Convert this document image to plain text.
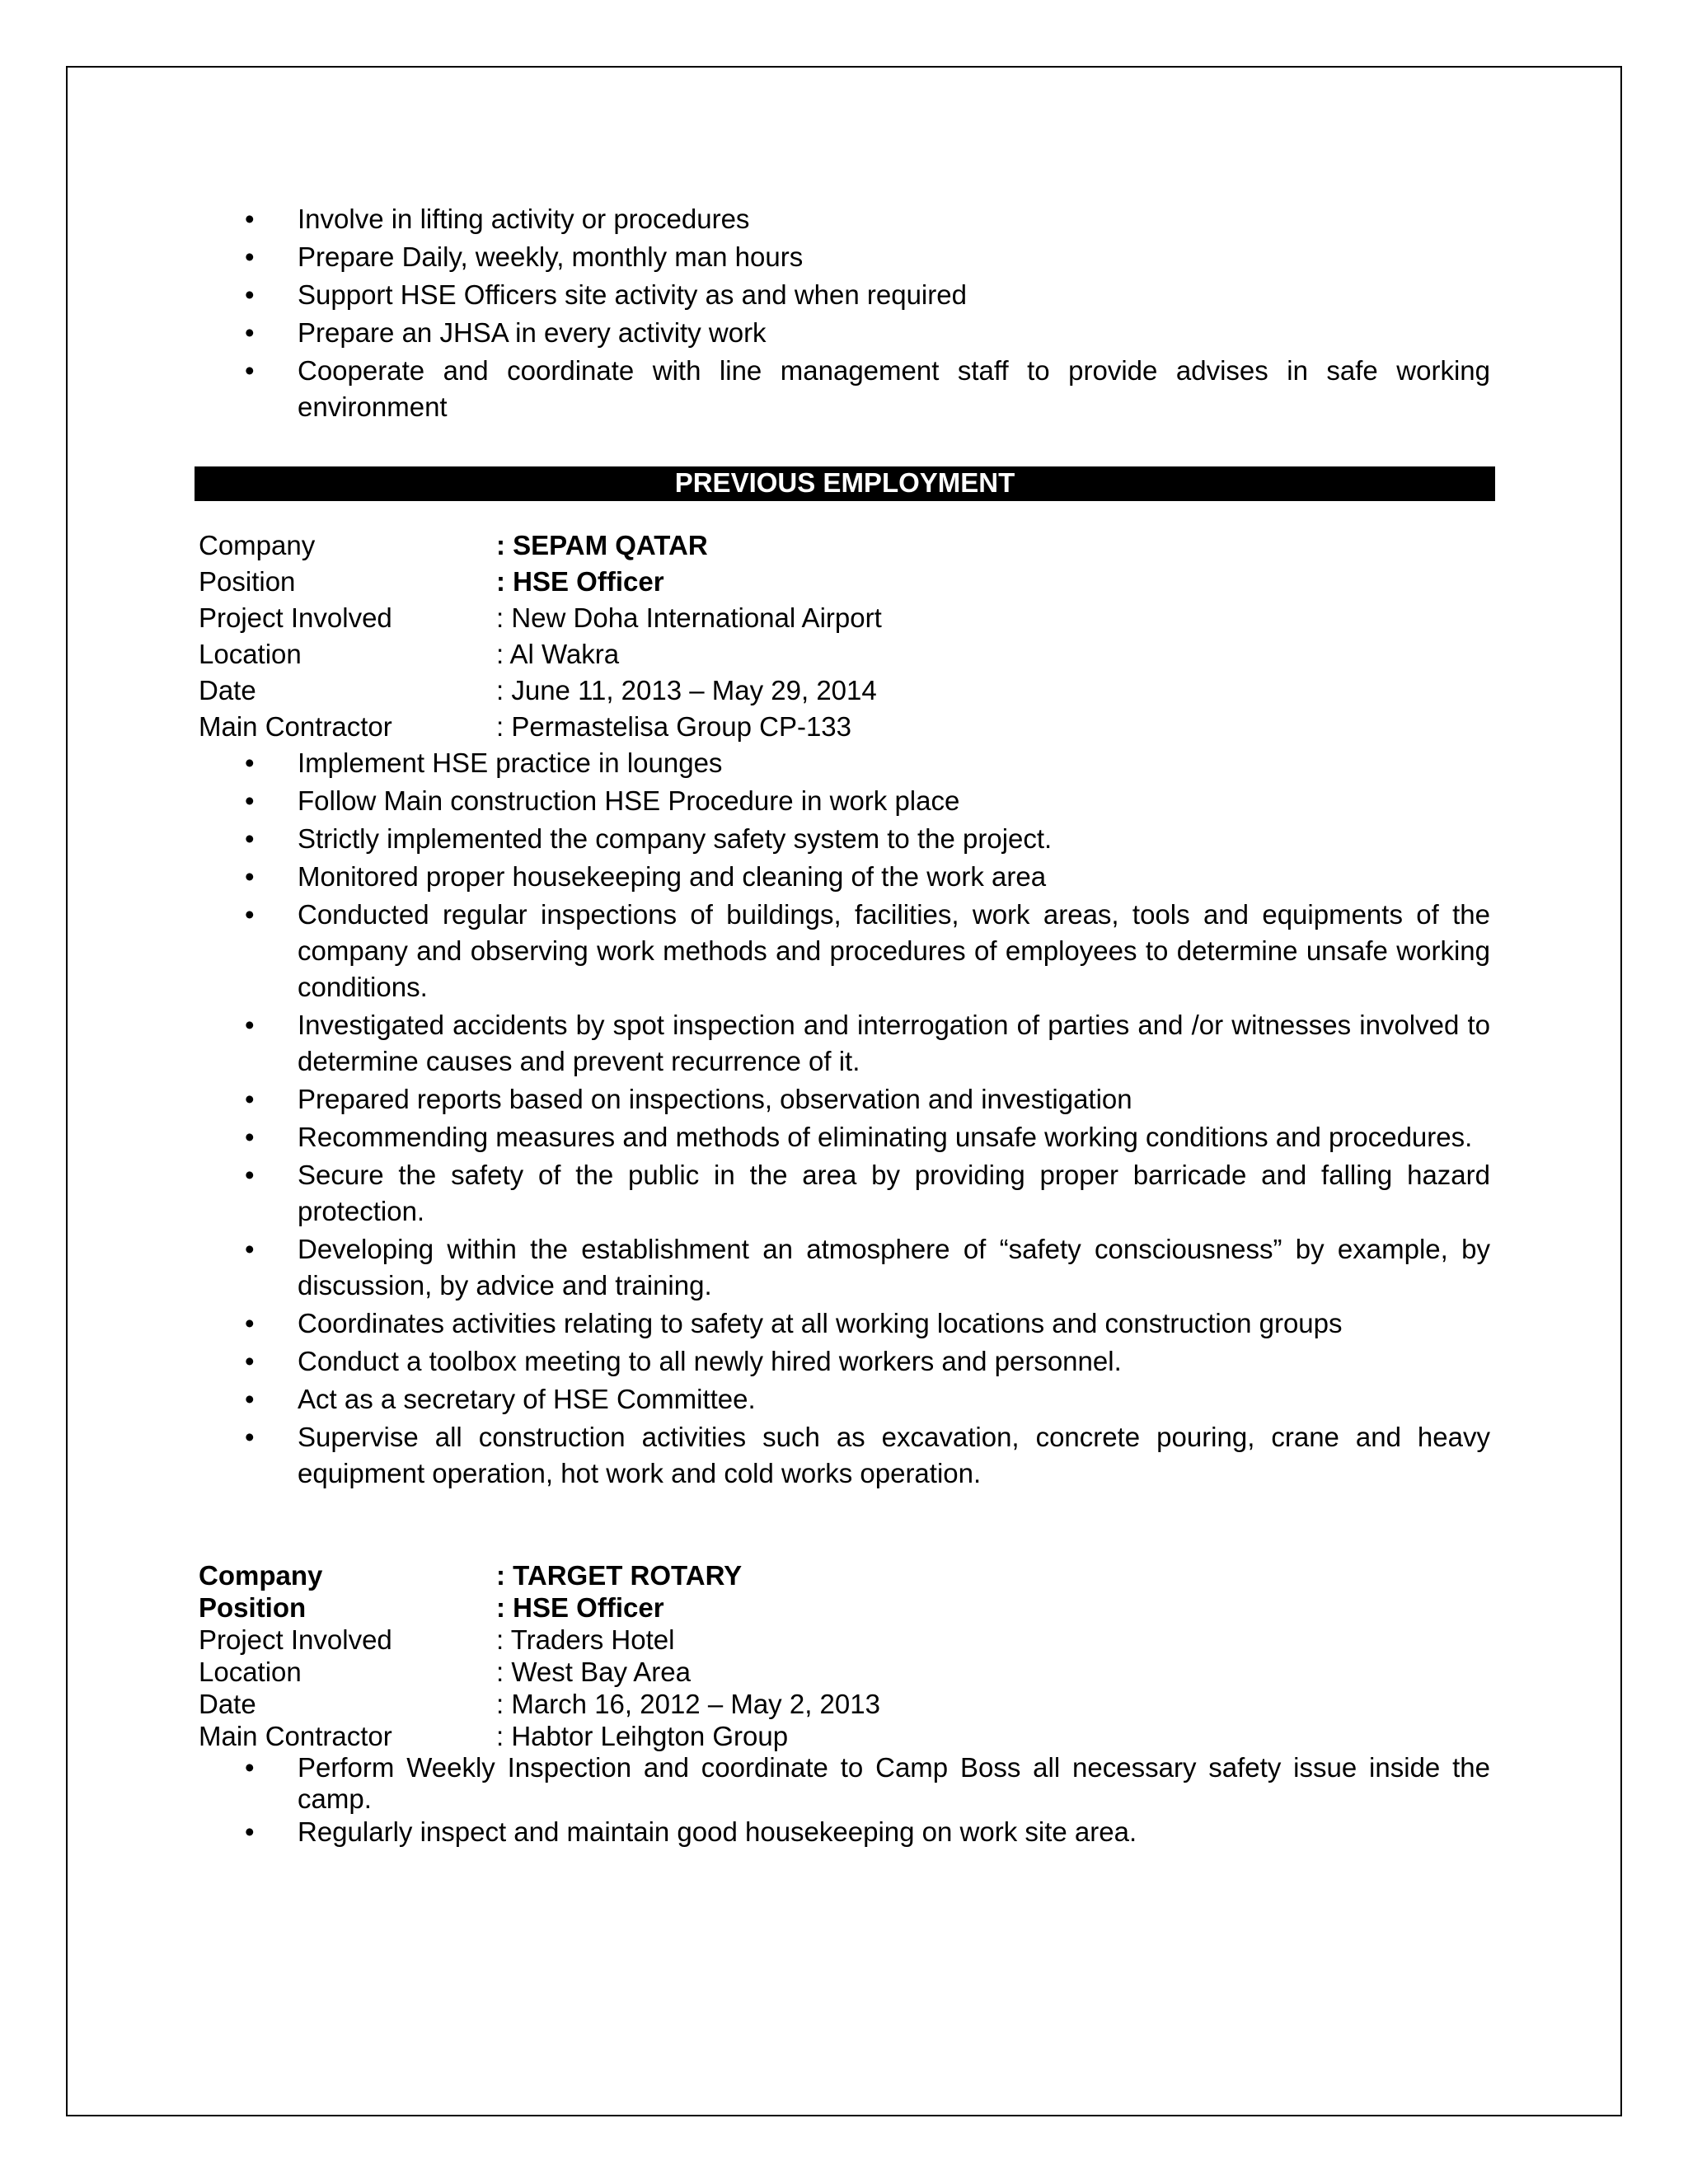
• Involve in lifting activity or procedures
• Prepare Daily, weekly, monthly man hours
• Support HSE Officers site activity as and when required
• Prepare an JHSA in every activity work
• Cooperate and coordinate with line management staff to provide advises in safe working environment
PREVIOUS EMPLOYMENT
Company	: SEPAM QATAR
Position	: HSE Officer
Project Involved	: New Doha International Airport
Location	: Al Wakra
Date	: June 11, 2013 – May 29, 2014
Main Contractor	: Permastelisa Group CP-133
• Implement HSE practice in lounges
• Follow Main construction HSE Procedure in work place
• Strictly implemented the company safety system to the project.
• Monitored proper housekeeping and cleaning of the work area
• Conducted regular inspections of buildings, facilities, work areas, tools and equipments of the company and observing work methods and procedures of employees to determine unsafe working conditions.
• Investigated accidents by spot inspection and interrogation of parties and /or witnesses involved to determine causes and prevent recurrence of it.
• Prepared reports based on inspections, observation and investigation
• Recommending measures and methods of eliminating unsafe working conditions and procedures.
• Secure the safety of the public in the area by providing proper barricade and falling hazard protection.
• Developing within the establishment an atmosphere of “safety consciousness” by example, by discussion, by advice and training.
• Coordinates activities relating to safety at all working locations and construction groups
• Conduct a toolbox meeting to all newly hired workers and personnel.
• Act as a secretary of HSE Committee.
• Supervise all construction activities such as excavation, concrete pouring, crane and heavy equipment operation, hot work and cold works operation.
Company	: TARGET ROTARY
Position	: HSE Officer
Project Involved	: Traders Hotel
Location	: West Bay Area
Date	: March 16, 2012 – May 2, 2013
Main Contractor	: Habtor Leihgton Group
• Perform Weekly Inspection and coordinate to Camp Boss all necessary safety issue inside the camp.
• Regularly inspect and maintain good housekeeping on work site area.
